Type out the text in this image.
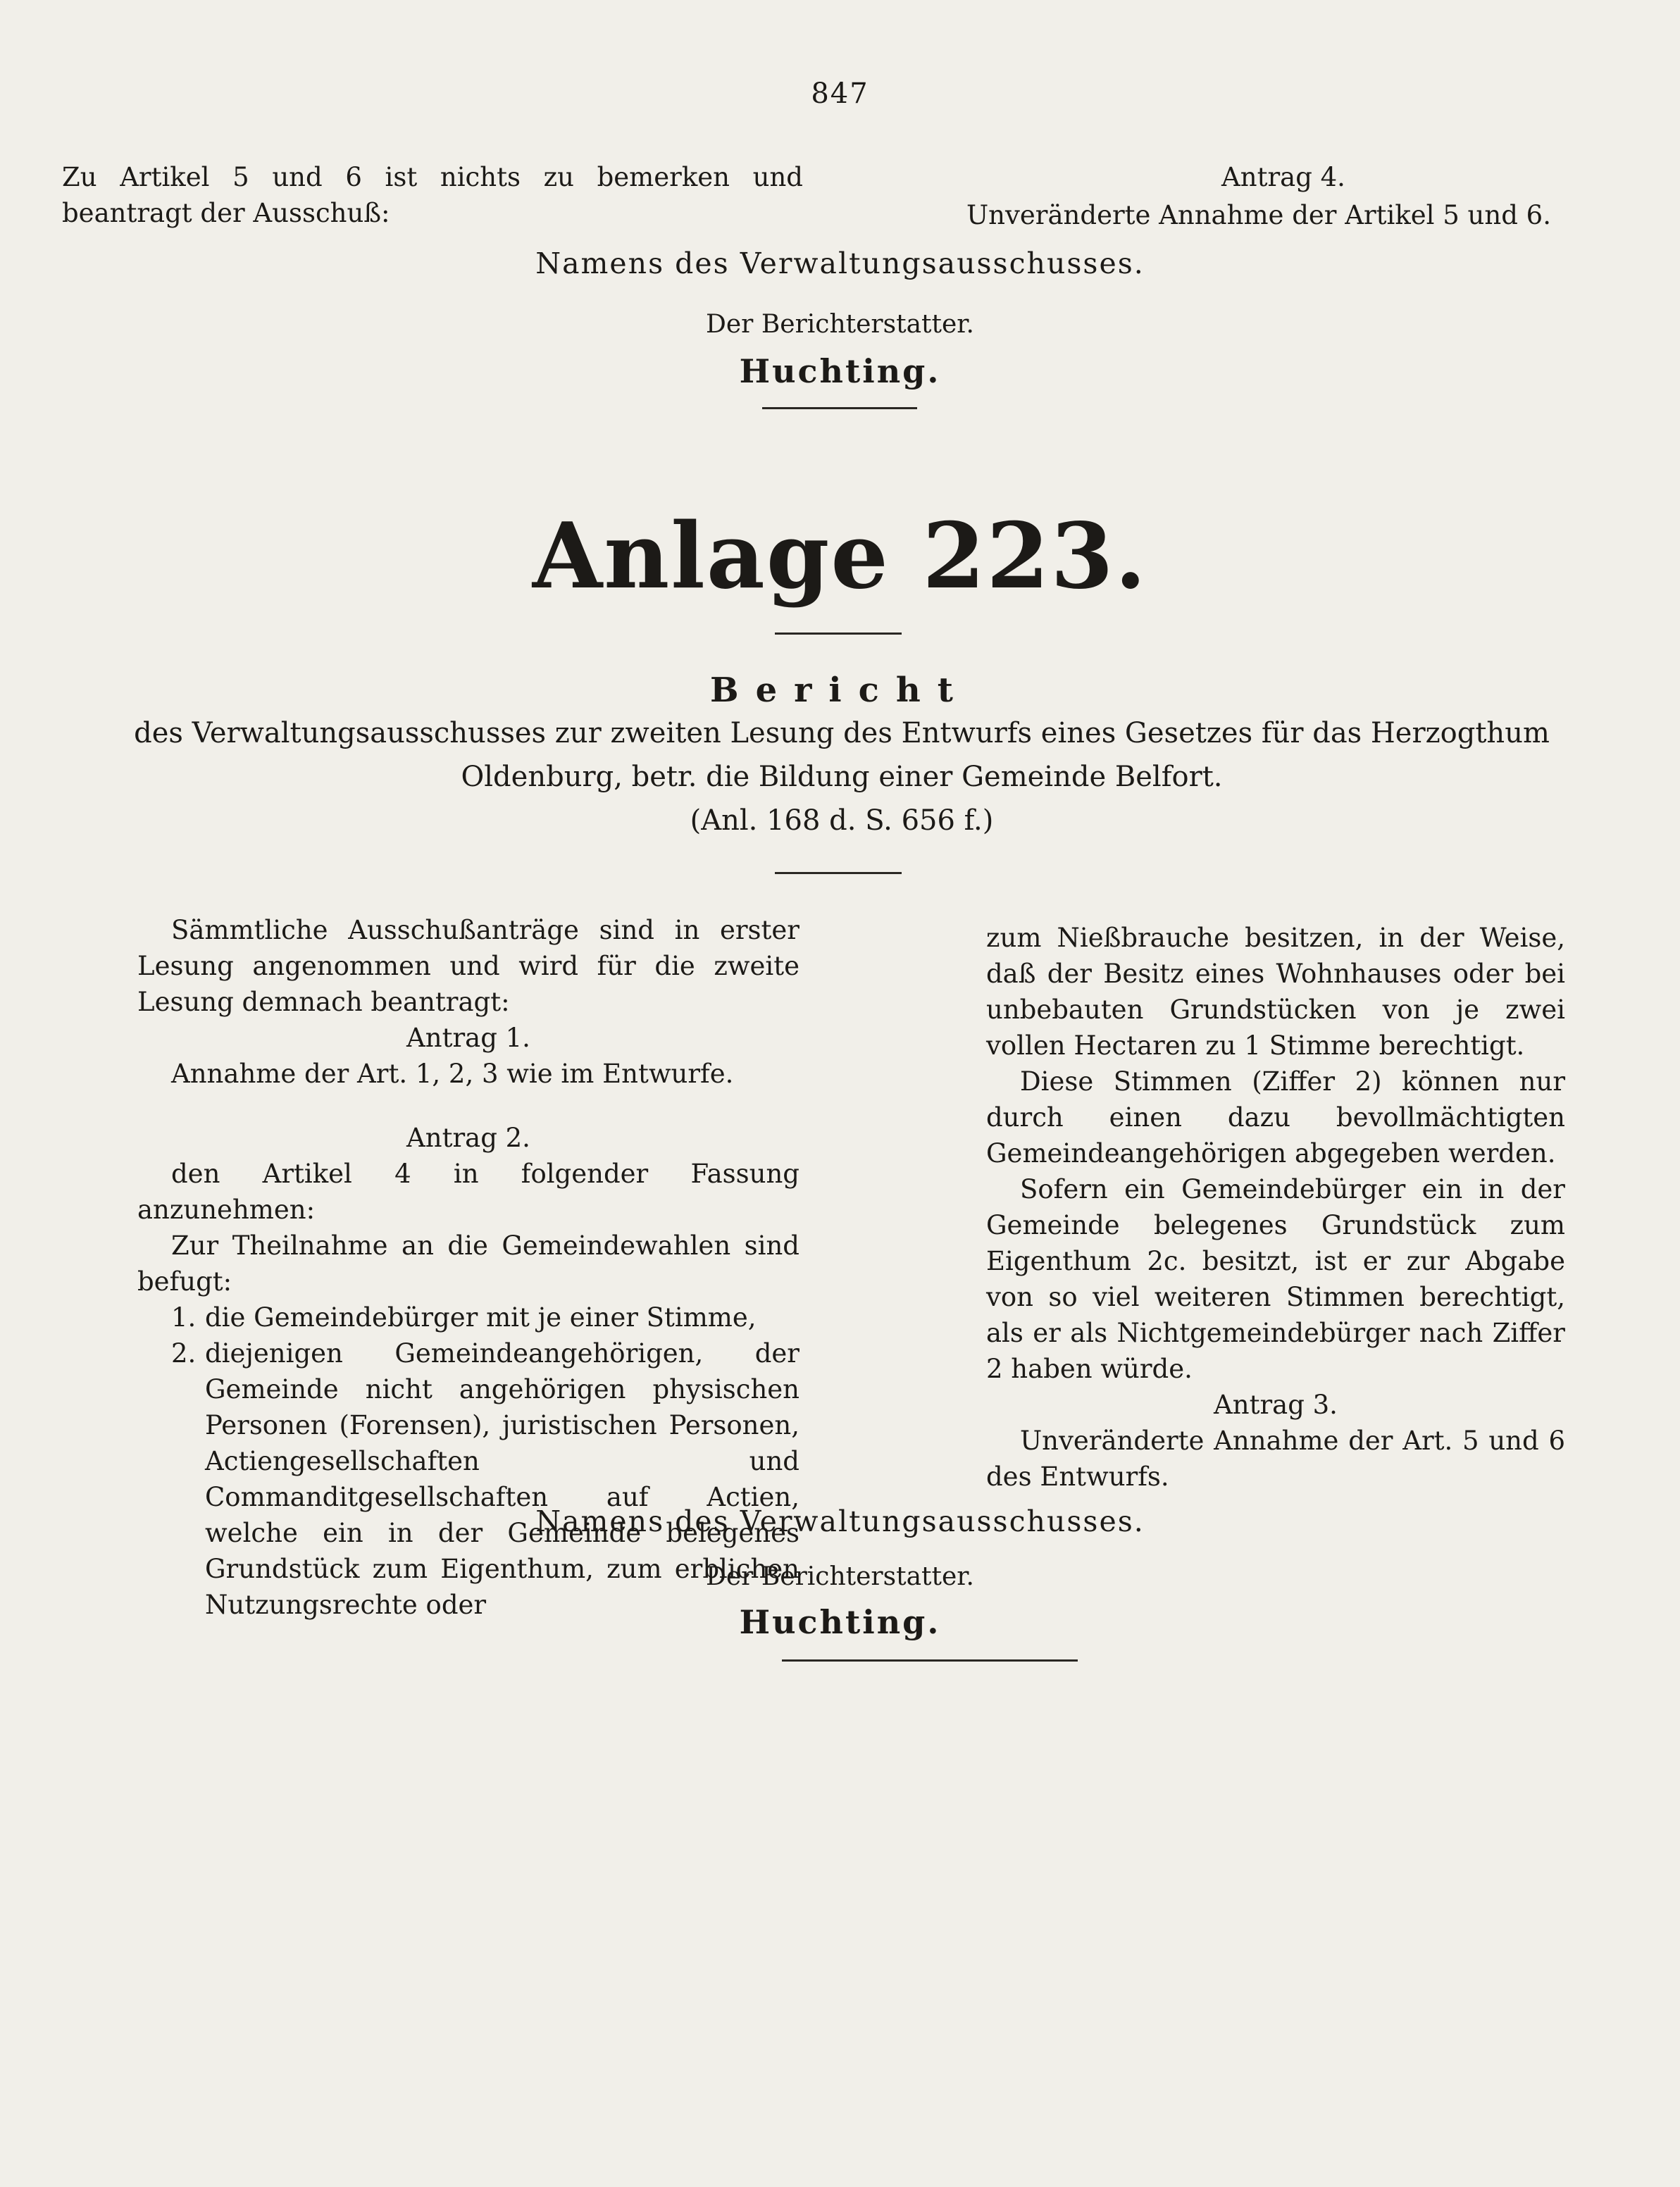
847
Zu Artikel 5 und 6 ist nichts zu bemerken und beantragt der Ausschuß:
Antrag 4.
Unveränderte Annahme der Artikel 5 und 6.
Namens des Verwaltungsausschusses.
Der Berichterstatter.
Huchting.
Anlage 223.
Bericht
des Verwaltungsausschusses zur zweiten Lesung des Entwurfs eines Gesetzes für das Herzogthum
Oldenburg, betr. die Bildung einer Gemeinde Belfort.
(Anl. 168 d. S. 656 f.)
Sämmtliche Ausschußanträge sind in erster Lesung angenommen und wird für die zweite Lesung demnach beantragt:
Antrag 1.
Annahme der Art. 1, 2, 3 wie im Entwurfe.
Antrag 2.
den Artikel 4 in folgender Fassung anzunehmen:
Zur Theilnahme an die Gemeindewahlen sind befugt:
1. die Gemeindebürger mit je einer Stimme,
2. diejenigen Gemeindeangehörigen, der Gemeinde nicht angehörigen physischen Personen (Forensen), juristischen Personen, Actiengesellschaften und Commanditgesellschaften auf Actien, welche ein in der Gemeinde belegenes Grundstück zum Eigenthum, zum erblichen Nutzungsrechte oder
zum Nießbrauche besitzen, in der Weise, daß der Besitz eines Wohnhauses oder bei unbebauten Grundstücken von je zwei vollen Hectaren zu 1 Stimme berechtigt.
Diese Stimmen (Ziffer 2) können nur durch einen dazu bevollmächtigten Gemeindeangehörigen abgegeben werden.
Sofern ein Gemeindebürger ein in der Gemeinde belegenes Grundstück zum Eigenthum 2c. besitzt, ist er zur Abgabe von so viel weiteren Stimmen berechtigt, als er als Nichtgemeindebürger nach Ziffer 2 haben würde.
Antrag 3.
Unveränderte Annahme der Art. 5 und 6 des Entwurfs.
Namens des Verwaltungsausschusses.
Der Berichterstatter.
Huchting.
